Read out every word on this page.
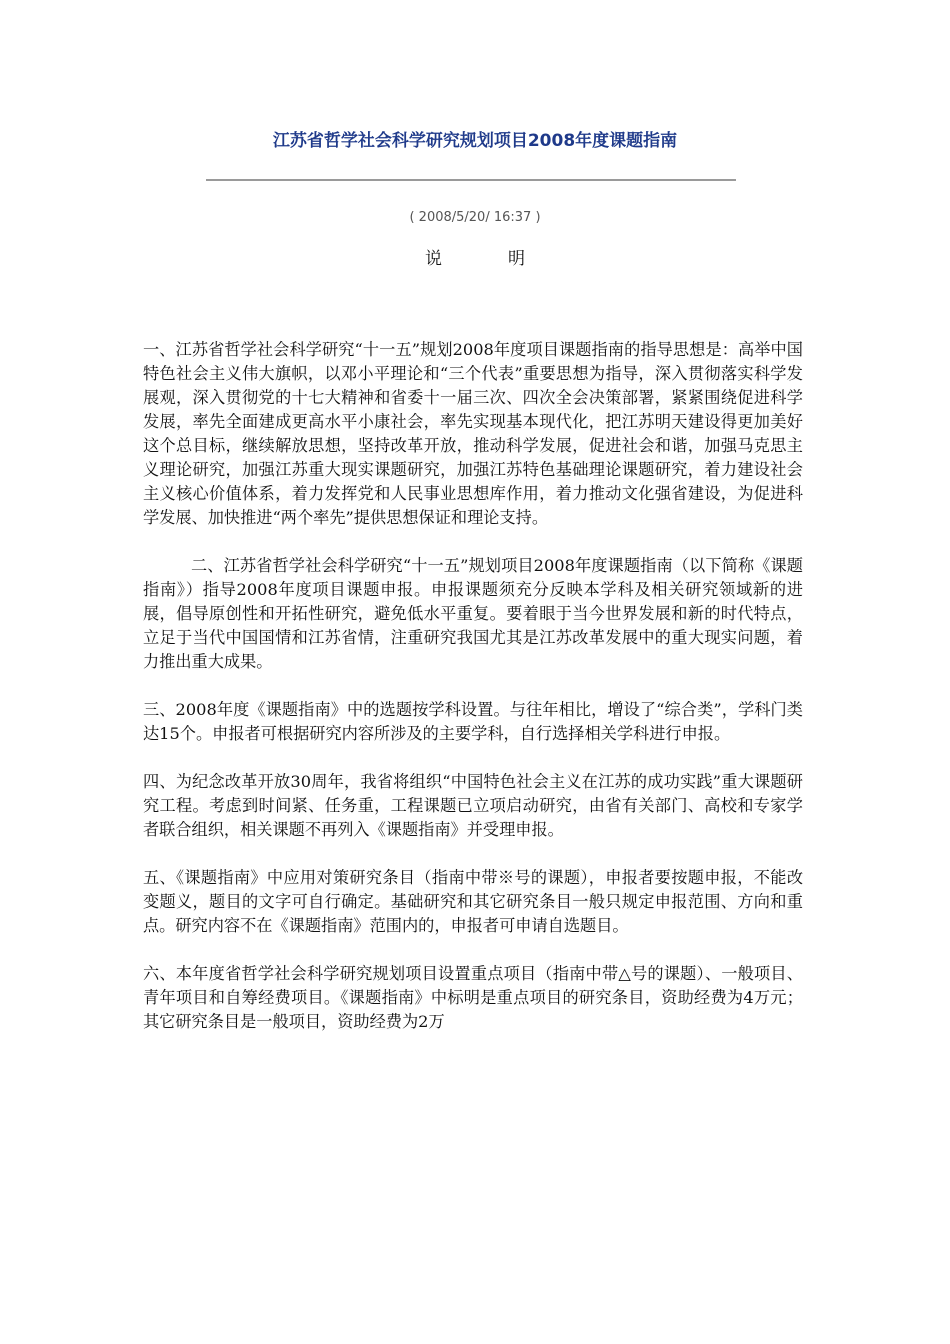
江苏省哲学社会科学研究规划项目2008年度课题指南
( 2008/5/20/ 16:37 )
说	明

一、江苏省哲学社会科学研究“十一五”规划2008年度项目课题指南的指导思想是：高举中国特色社会主义伟大旗帜，以邓小平理论和“三个代表”重要思想为指导，深入贯彻落实科学发展观，深入贯彻党的十七大精神和省委十一届三次、四次全会决策部署，紧紧围绕促进科学发展，率先全面建成更高水平小康社会，率先实现基本现代化，把江苏明天建设得更加美好这个总目标，继续解放思想，坚持改革开放，推动科学发展，促进社会和谐，加强马克思主义理论研究，加强江苏重大现实课题研究，加强江苏特色基础理论课题研究，着力建设社会主义核心价值体系，着力发挥党和人民事业思想库作用，着力推动文化强省建设，为促进科学发展、加快推进“两个率先”提供思想保证和理论支持。

二、江苏省哲学社会科学研究“十一五”规划项目2008年度课题指南（以下简称《课题指南》）指导2008年度项目课题申报。申报课题须充分反映本学科及相关研究领域新的进展，倡导原创性和开拓性研究，避免低水平重复。要着眼于当今世界发展和新的时代特点，立足于当代中国国情和江苏省情，注重研究我国尤其是江苏改革发展中的重大现实问题，着力推出重大成果。

三、2008年度《课题指南》中的选题按学科设置。与往年相比，增设了“综合类”，学科门类达15个。申报者可根据研究内容所涉及的主要学科，自行选择相关学科进行申报。

四、为纪念改革开放30周年，我省将组织“中国特色社会主义在江苏的成功实践”重大课题研究工程。考虑到时间紧、任务重，工程课题已立项启动研究，由省有关部门、高校和专家学者联合组织，相关课题不再列入《课题指南》并受理申报。

五、《课题指南》中应用对策研究条目（指南中带※号的课题），申报者要按题申报，不能改变题义，题目的文字可自行确定。基础研究和其它研究条目一般只规定申报范围、方向和重点。研究内容不在《课题指南》范围内的，申报者可申请自选题目。

六、本年度省哲学社会科学研究规划项目设置重点项目（指南中带△号的课题）、一般项目、青年项目和自筹经费项目。《课题指南》中标明是重点项目的研究条目，资助经费为4万元；其它研究条目是一般项目，资助经费为2万
